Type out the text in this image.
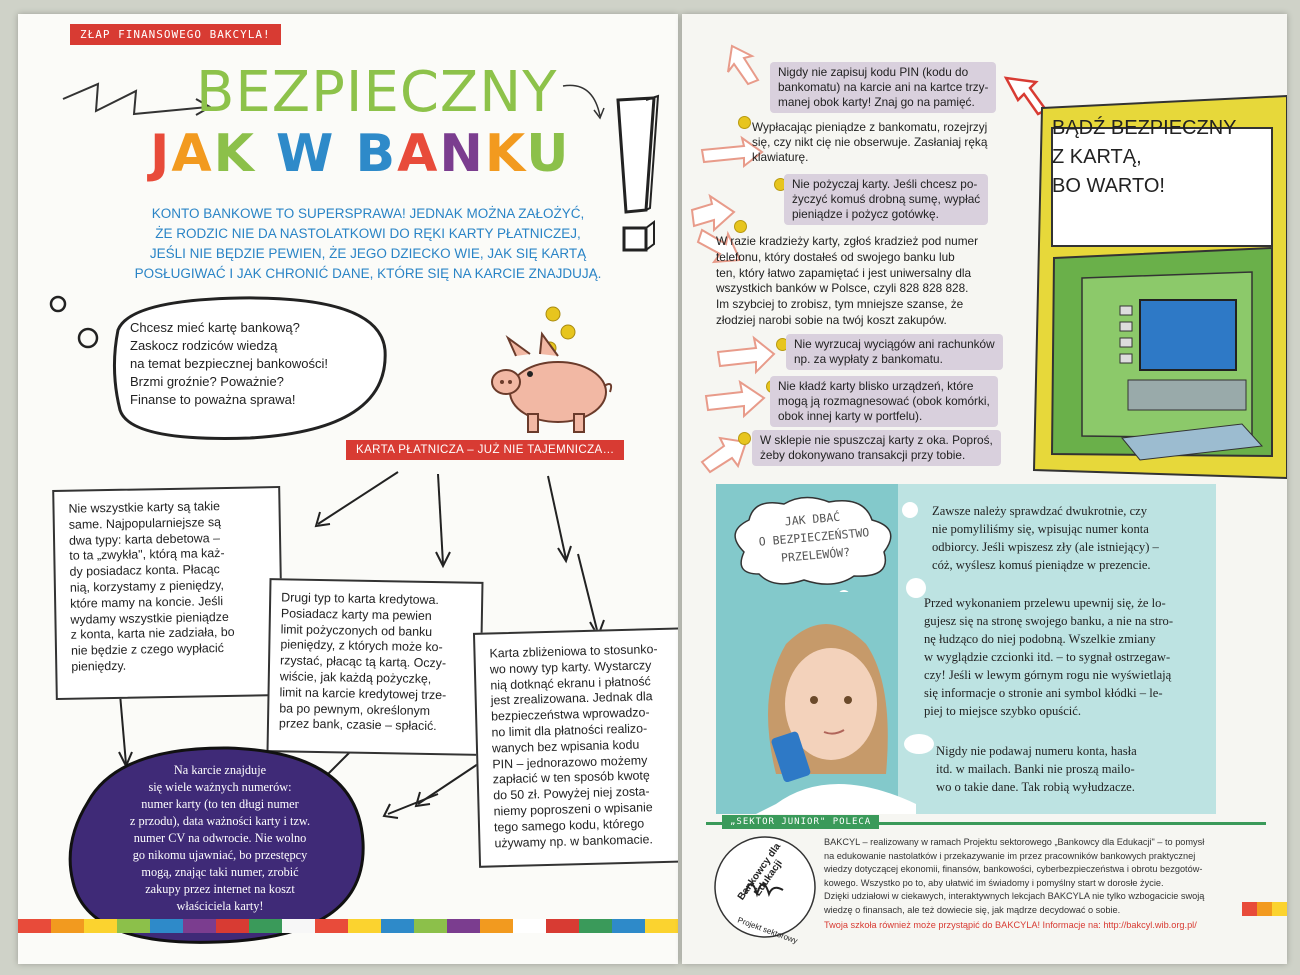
ZŁAP FINANSOWEGO BAKCYLA!
BEZPIECZNY
JAK W BANKU
KONTO BANKOWE TO SUPERSPRAWA! JEDNAK MOŻNA ZAŁOŻYĆ,
ŻE RODZIC NIE DA NASTOLATKOWI DO RĘKI KARTY PŁATNICZEJ,
JEŚLI NIE BĘDZIE PEWIEN, ŻE JEGO DZIECKO WIE, JAK SIĘ KARTĄ
POSŁUGIWAĆ I JAK CHRONIĆ DANE, KTÓRE SIĘ NA KARCIE ZNAJDUJĄ.
Chcesz mieć kartę bankową?
Zaskocz rodziców wiedzą
na temat bezpiecznej bankowości!
Brzmi groźnie? Poważnie?
Finanse to poważna sprawa!
KARTA PŁATNICZA – JUŻ NIE TAJEMNICZA…
Nie wszystkie karty są takie
same. Najpopularniejsze są
dwa typy: karta debetowa –
to ta „zwykła", którą ma każ-
dy posiadacz konta. Płacąc
nią, korzystamy z pieniędzy,
które mamy na koncie. Jeśli
wydamy wszystkie pieniądze
z konta, karta nie zadziała, bo
nie będzie z czego wypłacić
pieniędzy.
Drugi typ to karta kredytowa.
Posiadacz karty ma pewien
limit pożyczonych od banku
pieniędzy, z których może ko-
rzystać, płacąc tą kartą. Oczy-
wiście, jak każdą pożyczkę,
limit na karcie kredytowej trze-
ba po pewnym, określonym
przez bank, czasie – spłacić.
Karta zbliżeniowa to stosunko-
wo nowy typ karty. Wystarczy
nią dotknąć ekranu i płatność
jest zrealizowana. Jednak dla
bezpieczeństwa wprowadzo-
no limit dla płatności realizo-
wanych bez wpisania kodu
PIN – jednorazowo możemy
zapłacić w ten sposób kwotę
do 50 zł. Powyżej niej zosta-
niemy poproszeni o wpisanie
tego samego kodu, którego
używamy np. w bankomacie.
Na karcie znajduje
się wiele ważnych numerów:
numer karty (to ten długi numer
z przodu), data ważności karty i tzw.
numer CV na odwrocie. Nie wolno
go nikomu ujawniać, bo przestępcy
mogą, znając taki numer, zrobić
zakupy przez internet na koszt
właściciela karty!
Nigdy nie zapisuj kodu PIN (kodu do
bankomatu) na karcie ani na kartce trzy-
manej obok karty! Znaj go na pamięć.
Wypłacając pieniądze z bankomatu, rozejrzyj
się, czy nikt cię nie obserwuje. Zasłaniaj ręką
klawiaturę.
Nie pożyczaj karty. Jeśli chcesz po-
życzyć komuś drobną sumę, wypłać
pieniądze i pożycz gotówkę.
W razie kradzieży karty, zgłoś kradzież pod numer
telefonu, który dostałeś od swojego banku lub
ten, który łatwo zapamiętać i jest uniwersalny dla
wszystkich banków w Polsce, czyli 828 828 828.
Im szybciej to zrobisz, tym mniejsze szanse, że
złodziej narobi sobie na twój koszt zakupów.
Nie wyrzucaj wyciągów ani rachunków
np. za wypłaty z bankomatu.
Nie kładź karty blisko urządzeń, które
mogą ją rozmagnesować (obok komórki,
obok innej karty w portfelu).
W sklepie nie spuszczaj karty z oka. Poproś,
żeby dokonywano transakcji przy tobie.
BĄDŹ BEZPIECZNY
Z KARTĄ,
BO WARTO!
JAK DBAĆ
O BEZPIECZEŃSTWO
PRZELEWÓW?
Zawsze należy sprawdzać dwukrotnie, czy
nie pomyliliśmy się, wpisując numer konta
odbiorcy. Jeśli wpiszesz zły (ale istniejący) –
cóż, wyślesz komuś pieniądze w prezencie.
Przed wykonaniem przelewu upewnij się, że lo-
gujesz się na stronę swojego banku, a nie na stro-
nę łudząco do niej podobną. Wszelkie zmiany
w wyglądzie czcionki itd. – to sygnał ostrzegaw-
czy! Jeśli w lewym górnym rogu nie wyświetlają
się informacje o stronie ani symbol kłódki – le-
piej to miejsce szybko opuścić.
Nigdy nie podawaj numeru konta, hasła
itd. w mailach. Banki nie proszą mailo-
wo o takie dane. Tak robią wyłudzacze.
„SEKTOR JUNIOR" POLECA
Bankowcy dla Edukacji
Projekt sektorowy
BAKCYL – realizowany w ramach Projektu sektorowego „Bankowcy dla Edukacji" – to pomysł
na edukowanie nastolatków i przekazywanie im przez pracowników bankowych praktycznej
wiedzy dotyczącej ekonomii, finansów, bankowości, cyberbezpieczeństwa i obrotu bezgotów-
kowego. Wszystko po to, aby ułatwić im świadomy i pomyślny start w dorosłe życie.
Dzięki udziałowi w ciekawych, interaktywnych lekcjach BAKCYLA nie tylko wzbogacicie swoją
wiedzę o finansach, ale też dowiecie się, jak mądrze decydować o sobie.
Twoja szkoła również może przystąpić do BAKCYLA! Informacje na: http://bakcyl.wib.org.pl/
